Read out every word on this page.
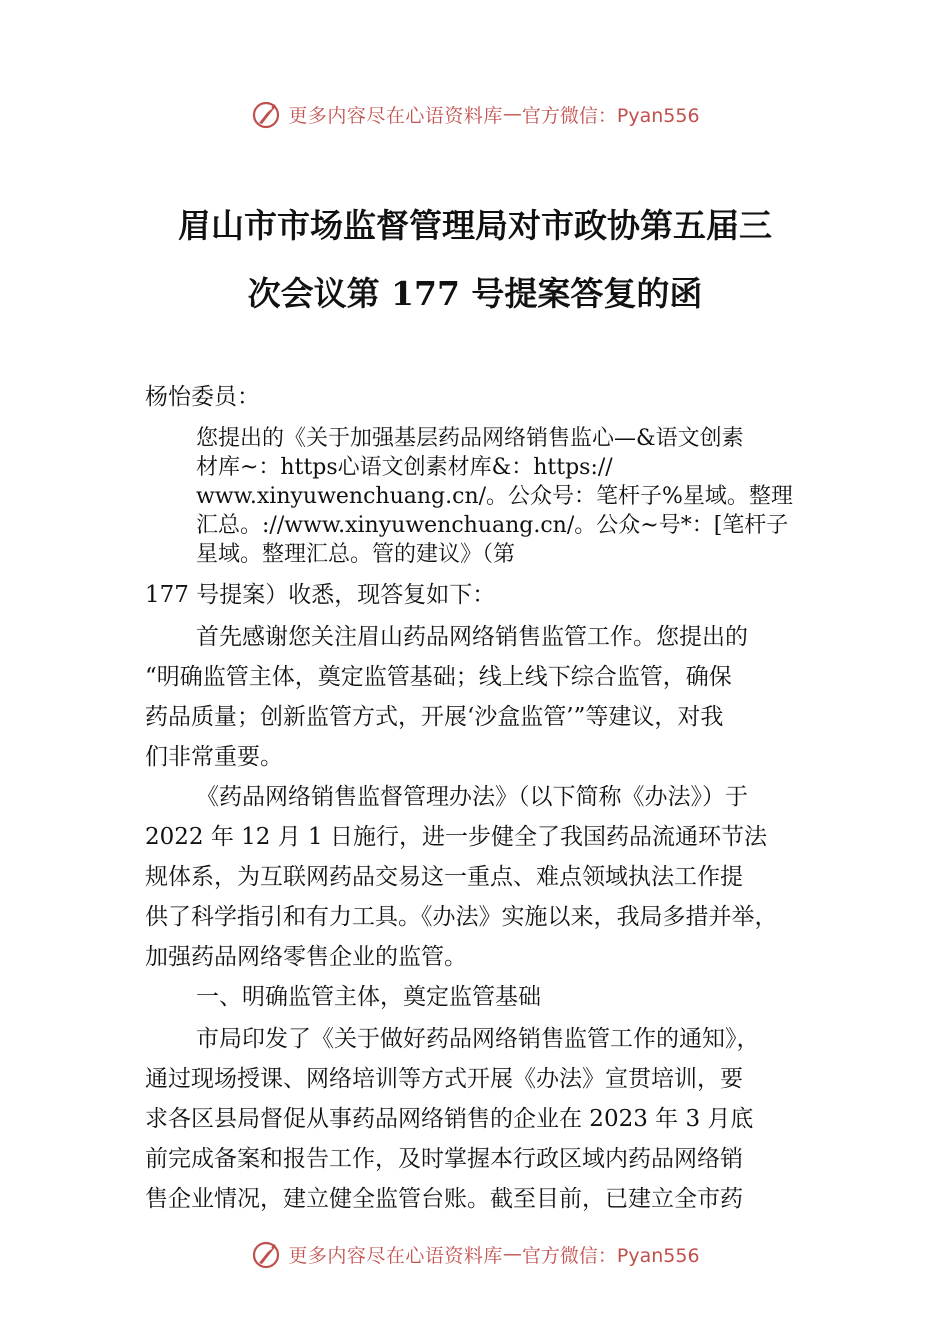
更多内容尽在心语资料库 — 官方微信：Pyan556
眉山市市场监督管理局对市政协第五届三
次会议第 177 号提案答复的函
杨怡委员：
您提出的《关于加强基层药品网络销售监心—&语文创素
材库~：https心语文创素材库&：https://
www.xinyuwenchuang.cn/。公众号：笔杆子%星域。整理
汇总。://www.xinyuwenchuang.cn/。公众~号*：[笔杆子
星域。整理汇总。管的建议》（第
177 号提案）收悉，现答复如下：
首先感谢您关注眉山药品网络销售监管工作。您提出的
“明确监管主体，奠定监管基础；线上线下综合监管，确保
药品质量；创新监管方式，开展‘沙盒监管’”等建议，对我
们非常重要。
《药品网络销售监督管理办法》（以下简称《办法》）于
2022 年 12 月 1 日施行，进一步健全了我国药品流通环节法
规体系，为互联网药品交易这一重点、难点领域执法工作提
供了科学指引和有力工具。《办法》实施以来，我局多措并举，
加强药品网络零售企业的监管。
一、明确监管主体，奠定监管基础
市局印发了《关于做好药品网络销售监管工作的通知》，
通过现场授课、网络培训等方式开展《办法》宣贯培训，要
求各区县局督促从事药品网络销售的企业在 2023 年 3 月底
前完成备案和报告工作，及时掌握本行政区域内药品网络销
售企业情况，建立健全监管台账。截至目前，已建立全市药
更多内容尽在心语资料库 — 官方微信：Pyan556
